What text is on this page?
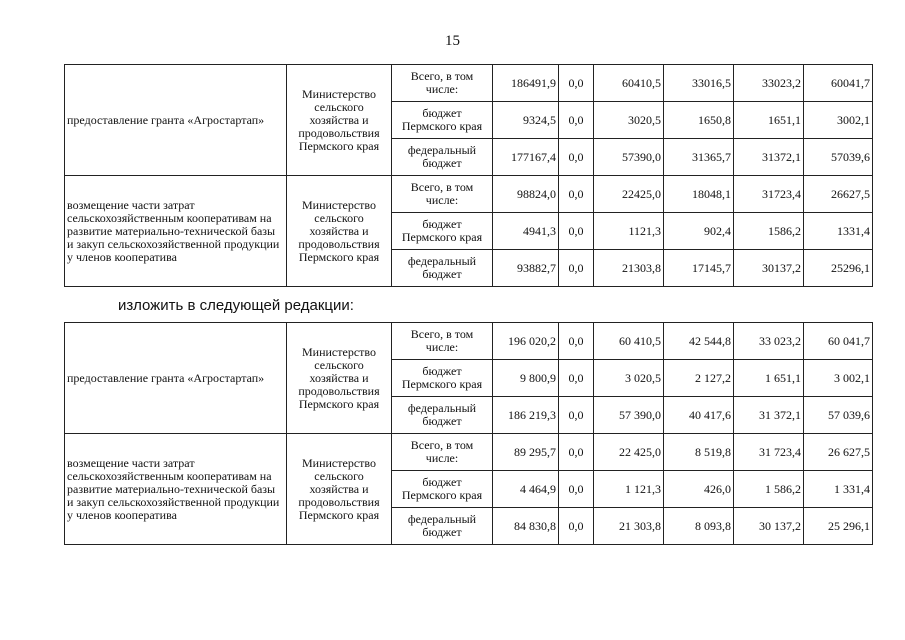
15
предоставление гранта «Агростартап»	Министерство сельского хозяйства и продовольствия Пермского края	Всего, в том числе:	186491,9	0,0	60410,5	33016,5	33023,2	60041,7
		бюджет Пермского края	9324,5	0,0	3020,5	1650,8	1651,1	3002,1
		федеральный бюджет	177167,4	0,0	57390,0	31365,7	31372,1	57039,6
возмещение части затрат сельскохозяйственным кооперативам на развитие материально-технической базы и закуп сельскохозяйственной продукции у членов кооператива	Министерство сельского хозяйства и продовольствия Пермского края	Всего, в том числе:	98824,0	0,0	22425,0	18048,1	31723,4	26627,5
		бюджет Пермского края	4941,3	0,0	1121,3	902,4	1586,2	1331,4
		федеральный бюджет	93882,7	0,0	21303,8	17145,7	30137,2	25296,1
изложить в следующей редакции:
предоставление гранта «Агростартап»	Министерство сельского хозяйства и продовольствия Пермского края	Всего, в том числе:	196 020,2	0,0	60 410,5	42 544,8	33 023,2	60 041,7
		бюджет Пермского края	9 800,9	0,0	3 020,5	2 127,2	1 651,1	3 002,1
		федеральный бюджет	186 219,3	0,0	57 390,0	40 417,6	31 372,1	57 039,6
возмещение части затрат сельскохозяйственным кооперативам на развитие материально-технической базы и закуп сельскохозяйственной продукции у членов кооператива	Министерство сельского хозяйства и продовольствия Пермского края	Всего, в том числе:	89 295,7	0,0	22 425,0	8 519,8	31 723,4	26 627,5
		бюджет Пермского края	4 464,9	0,0	1 121,3	426,0	1 586,2	1 331,4
		федеральный бюджет	84 830,8	0,0	21 303,8	8 093,8	30 137,2	25 296,1
